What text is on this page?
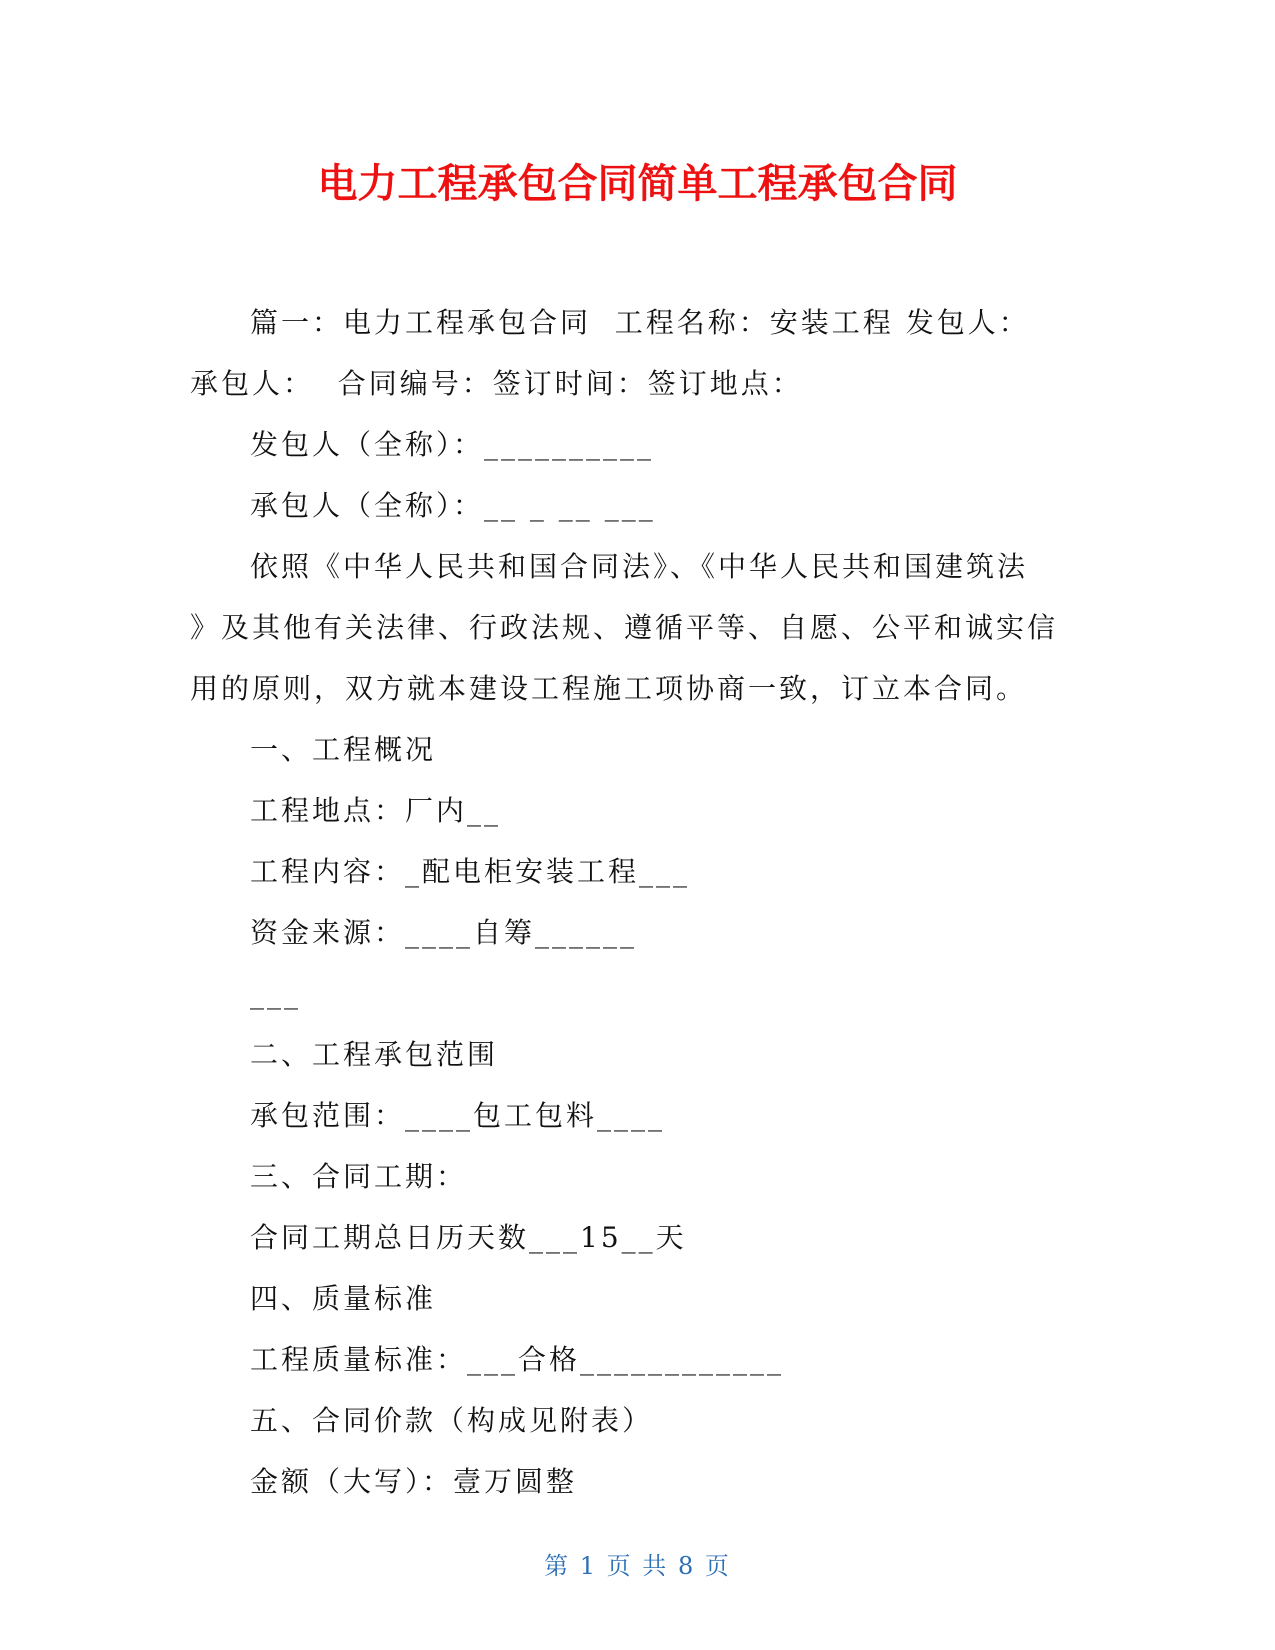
电力工程承包合同简单工程承包合同
篇一：电力工程承包合同  工程名称：安装工程 发包人：
承包人：  合同编号：签订时间：签订地点：
发包人（全称）：__________
承包人（全称）：__ _ __ ___
依照《中华人民共和国合同法》、《中华人民共和国建筑法
》及其他有关法律、行政法规、遵循平等、自愿、公平和诚实信
用的原则，双方就本建设工程施工项协商一致，订立本合同。
一、工程概况
工程地点：厂内__
工程内容：_配电柜安装工程___
资金来源：____自筹______
___
二、工程承包范围
承包范围：____包工包料____
三、合同工期：
合同工期总日历天数___15__天
四、质量标准
工程质量标准：___合格____________
五、合同价款（构成见附表）
金额（大写）：壹万圆整
第 1 页 共 8 页
